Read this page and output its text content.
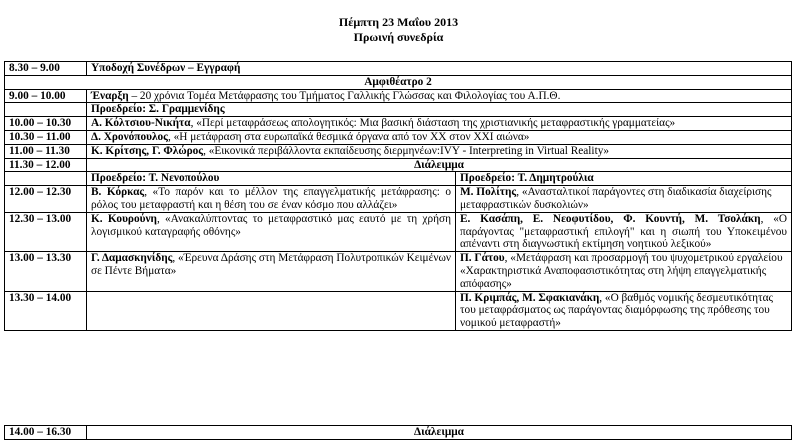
Πέμπτη 23 Μαΐου 2013
Πρωινή συνεδρία
8.30 – 9.00	Υποδοχή Συνέδρων – Εγγραφή	
Αμφιθέατρο 2		
9.00 – 10.00	Έναρξη – 20 χρόνια Τομέα Μετάφρασης του Τμήματος Γαλλικής Γλώσσας και Φιλολογίας του Α.Π.Θ.	
	Προεδρείο: Σ. Γραμμενίδης	
10.00 – 10.30	Α. Κόλτσιου-Νικήτα, «Περί μεταφράσεως απολογητικός: Μια βασική διάσταση της χριστιανικής μεταφραστικής γραμματείας»	
10.30 – 11.00	Δ. Χρονόπουλος, «Η μετάφραση στα ευρωπαϊκά θεσμικά όργανα από τον ΧΧ στον ΧΧΙ αιώνα»	
11.00 – 11.30	Κ. Κρίτσης, Γ. Φλώρος, «Εικονικά περιβάλλοντα εκπαίδευσης διερμηνέων:IVY - Interpreting in Virtual Reality»	
11.30 – 12.00	Διάλειμμα	
	Προεδρείο: Τ. Νενοπούλου	Προεδρείο: Τ. Δημητρούλια
12.00 – 12.30	Β. Κόρκας, «Το παρόν και το μέλλον της επαγγελματικής μετάφρασης: ο ρόλος του μεταφραστή και η θέση του σε έναν κόσμο που αλλάζει»	Μ. Πολίτης, «Ανασταλτικοί παράγοντες στη διαδικασία διαχείρισης μεταφραστικών δυσκολιών»
12.30 – 13.00	Κ. Κουρούνη, «Ανακαλύπτοντας το μεταφραστικό μας εαυτό με τη χρήση λογισμικού καταγραφής οθόνης»	Ε. Κασάπη, Ε. Νεοφυτίδου, Φ. Κουντή, Μ. Τσολάκη, «Ο παράγοντας "μεταφραστική επιλογή" και η σιωπή του Υποκειμένου απέναντι στη διαγνωστική εκτίμηση νοητικού λεξικού»
13.00 – 13.30	Γ. Δαμασκηνίδης, «Έρευνα Δράσης στη Μετάφραση Πολυτροπικών Κειμένων σε Πέντε Βήματα»	Π. Γάτου, «Μετάφραση και προσαρμογή του ψυχομετρικού εργαλείου «Χαρακτηριστικά Αναποφασιστικότητας στη λήψη επαγγελματικής απόφασης»
13.30 – 14.00		Π. Κριμπάς, Μ. Σφακιανάκη, «Ο βαθμός νομικής δεσμευτικότητας του μεταφράσματος ως παράγοντας διαμόρφωσης της πρόθεσης του νομικού μεταφραστή»
14.00 – 16.30	Διάλειμμα
